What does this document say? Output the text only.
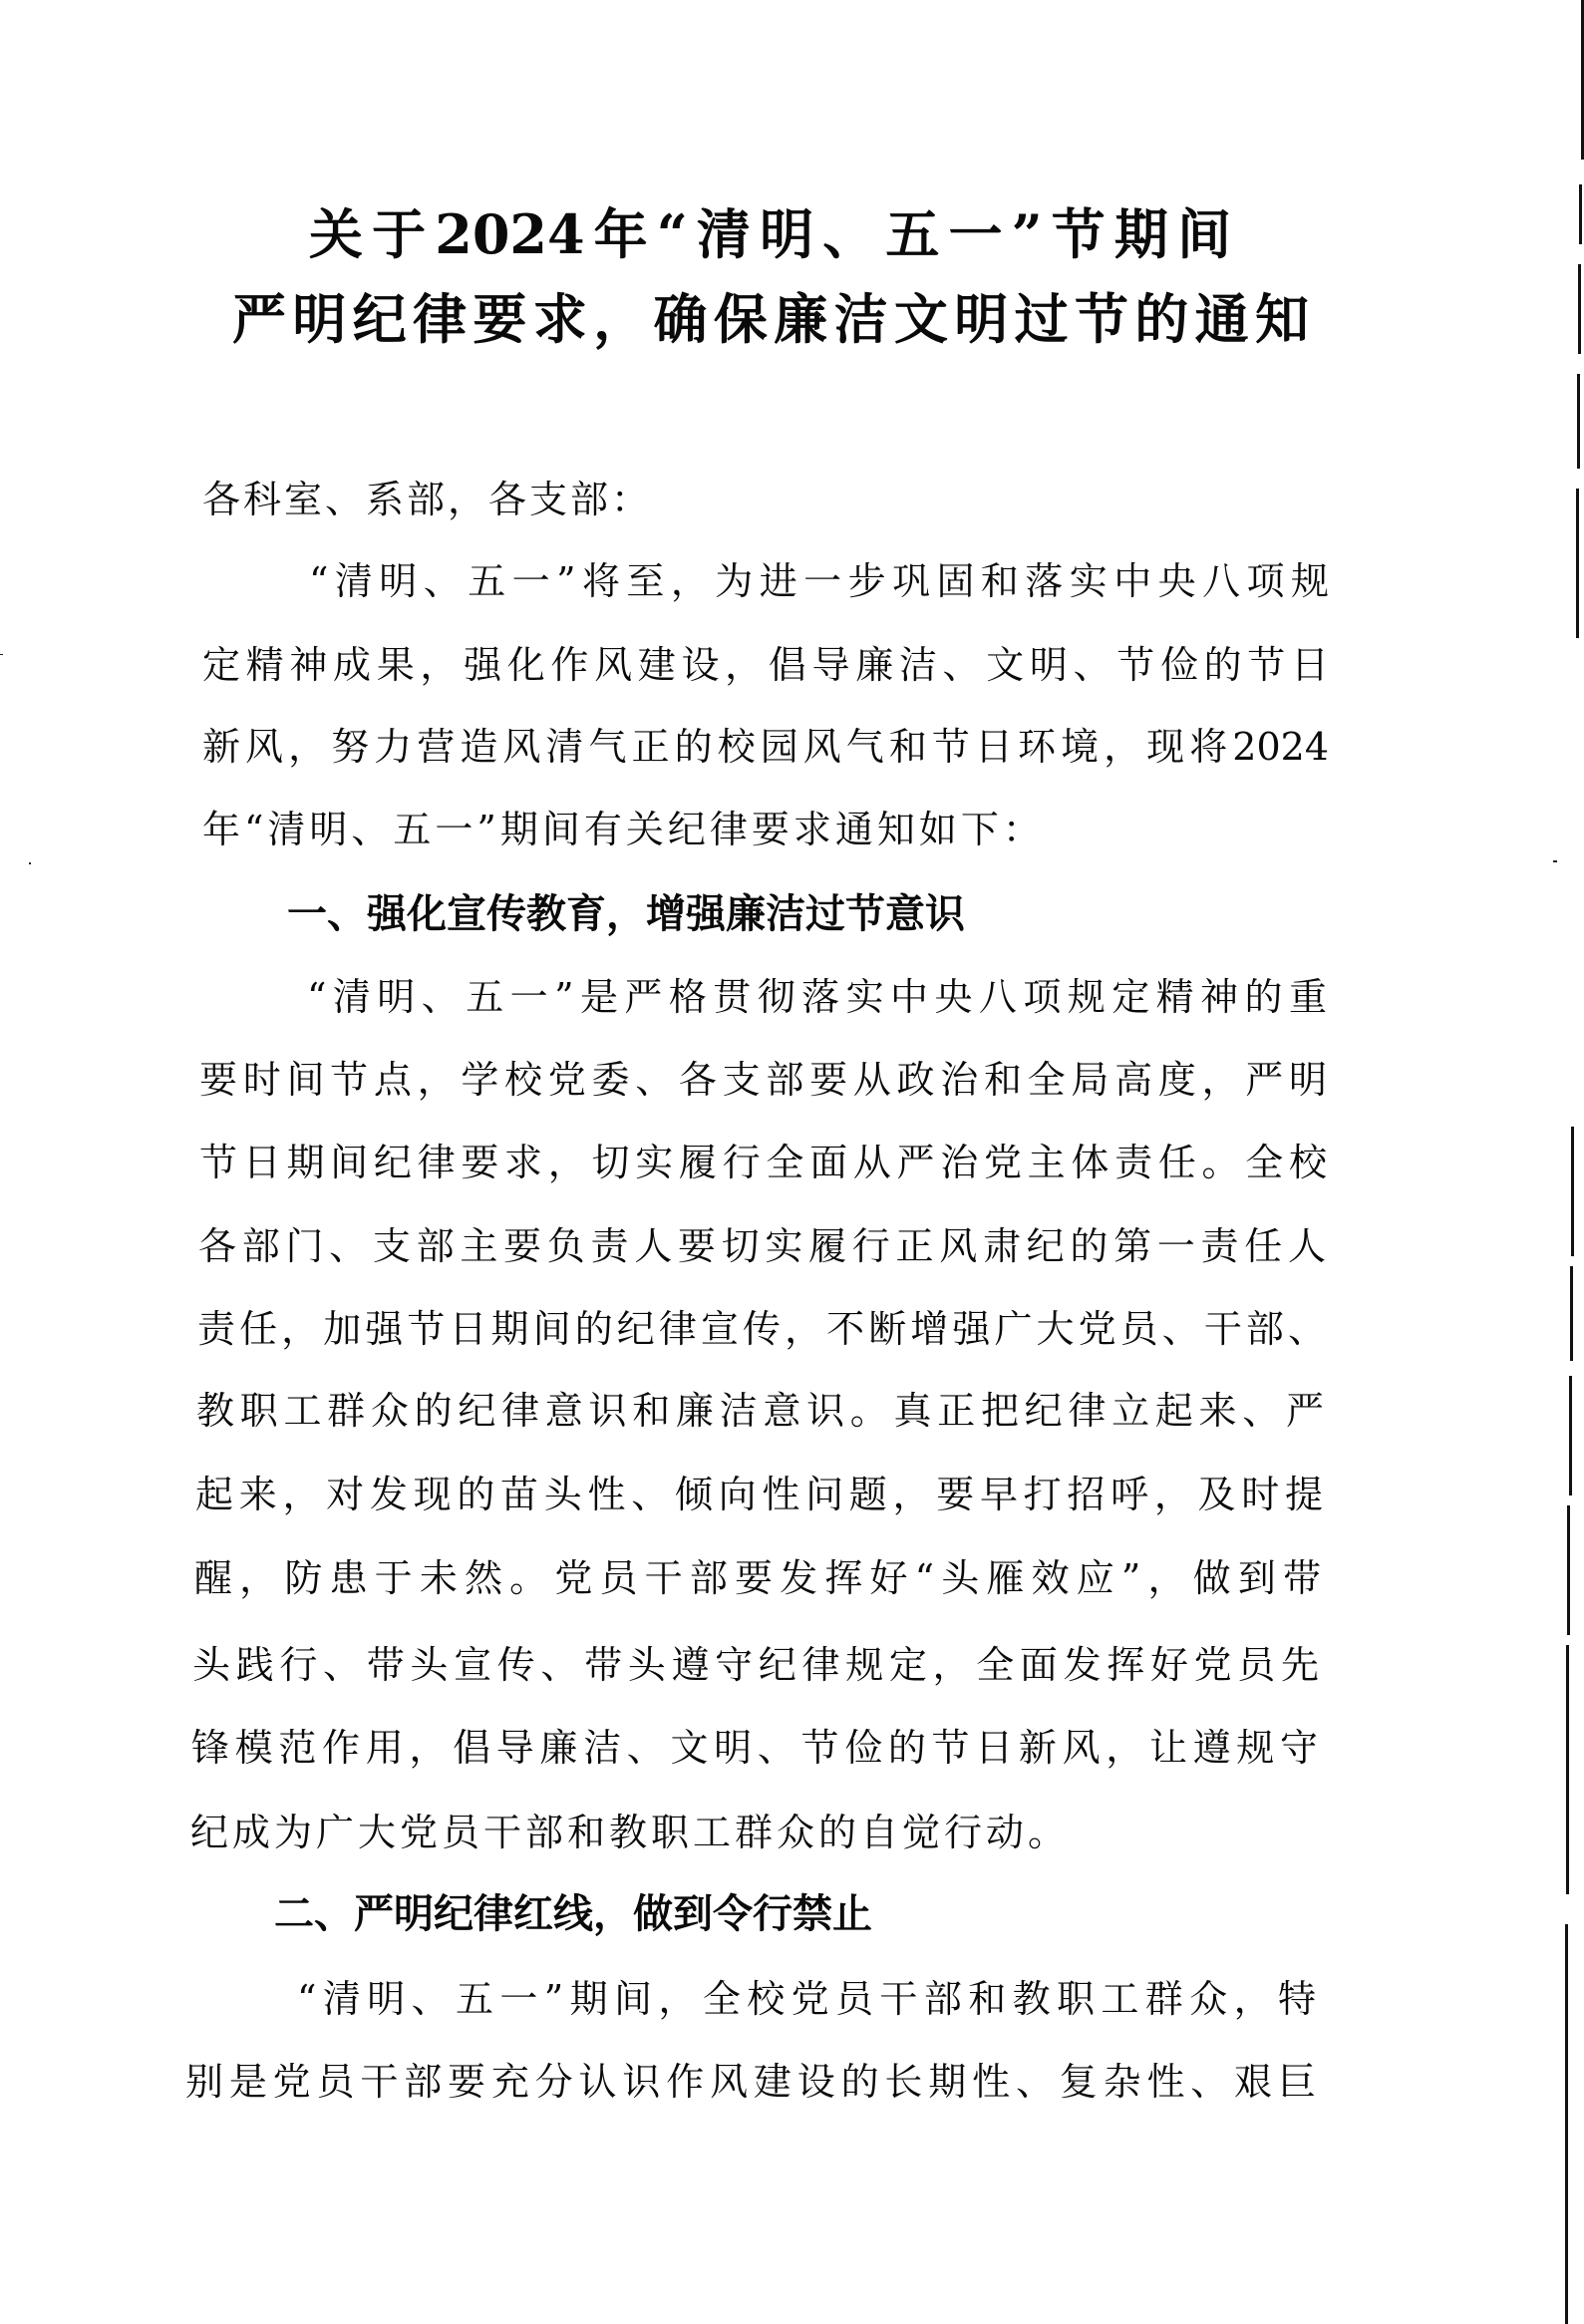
关于2024年“清明、五一”节期间
严明纪律要求，确保廉洁文明过节的通知
各科室、系部，各支部：
“清明、五一”将至，为进一步巩固和落实中央八项规
定精神成果，强化作风建设，倡导廉洁、文明、节俭的节日
新风，努力营造风清气正的校园风气和节日环境，现将2024
年“清明、五一”期间有关纪律要求通知如下：
一、强化宣传教育，增强廉洁过节意识
“清明、五一”是严格贯彻落实中央八项规定精神的重
要时间节点，学校党委、各支部要从政治和全局高度，严明
节日期间纪律要求，切实履行全面从严治党主体责任。全校
各部门、支部主要负责人要切实履行正风肃纪的第一责任人
责任，加强节日期间的纪律宣传，不断增强广大党员、干部、
教职工群众的纪律意识和廉洁意识。真正把纪律立起来、严
起来，对发现的苗头性、倾向性问题，要早打招呼，及时提
醒，防患于未然。党员干部要发挥好“头雁效应”，做到带
头践行、带头宣传、带头遵守纪律规定，全面发挥好党员先
锋模范作用，倡导廉洁、文明、节俭的节日新风，让遵规守
纪成为广大党员干部和教职工群众的自觉行动。
二、严明纪律红线，做到令行禁止
“清明、五一”期间，全校党员干部和教职工群众，特
别是党员干部要充分认识作风建设的长期性、复杂性、艰巨
